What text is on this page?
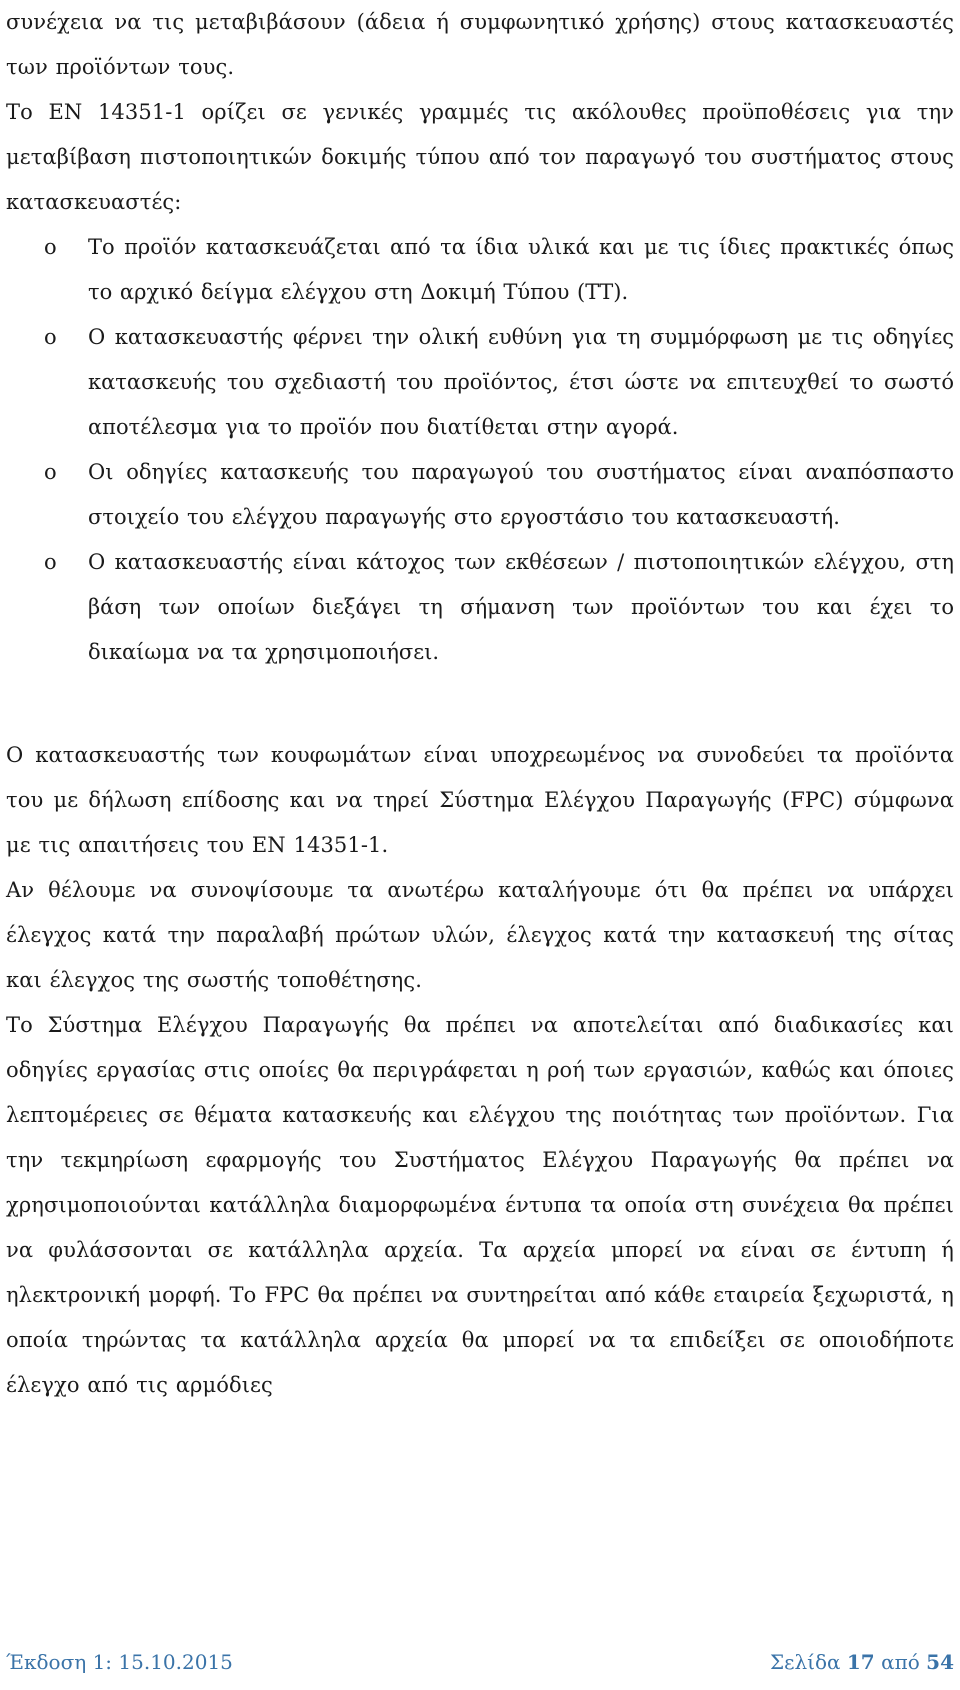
συνέχεια να τις μεταβιβάσουν (άδεια ή συμφωνητικό χρήσης) στους κατασκευαστές των προϊόντων τους.

Το EN 14351-1 ορίζει σε γενικές γραμμές τις ακόλουθες προϋποθέσεις για την μεταβίβαση πιστοποιητικών δοκιμής τύπου από τον παραγωγό του συστήματος στους κατασκευαστές:

o Το προϊόν κατασκευάζεται από τα ίδια υλικά και με τις ίδιες πρακτικές όπως το αρχικό δείγμα ελέγχου στη Δοκιμή Τύπου (ΤΤ).
o Ο κατασκευαστής φέρνει την ολική ευθύνη για τη συμμόρφωση με τις οδηγίες κατασκευής του σχεδιαστή του προϊόντος, έτσι ώστε να επιτευχθεί το σωστό αποτέλεσμα για το προϊόν που διατίθεται στην αγορά.
o Οι οδηγίες κατασκευής του παραγωγού του συστήματος είναι αναπόσπαστο στοιχείο του ελέγχου παραγωγής στο εργοστάσιο του κατασκευαστή.
o Ο κατασκευαστής είναι κάτοχος των εκθέσεων / πιστοποιητικών ελέγχου, στη βάση των οποίων διεξάγει τη σήμανση των προϊόντων του και έχει το δικαίωμα να τα χρησιμοποιήσει.

Ο κατασκευαστής των κουφωμάτων είναι υποχρεωμένος να συνοδεύει τα προϊόντα του με δήλωση επίδοσης και να τηρεί Σύστημα Ελέγχου Παραγωγής (FPC) σύμφωνα με τις απαιτήσεις του EN 14351-1.

Αν θέλουμε να συνοψίσουμε τα ανωτέρω καταλήγουμε ότι θα πρέπει να υπάρχει έλεγχος κατά την παραλαβή πρώτων υλών, έλεγχος κατά την κατασκευή της σίτας και έλεγχος της σωστής τοποθέτησης.

Το Σύστημα Ελέγχου Παραγωγής θα πρέπει να αποτελείται από διαδικασίες και οδηγίες εργασίας στις οποίες θα περιγράφεται η ροή των εργασιών, καθώς και όποιες λεπτομέρειες σε θέματα κατασκευής και ελέγχου της ποιότητας των προϊόντων. Για την τεκμηρίωση εφαρμογής του Συστήματος Ελέγχου Παραγωγής θα πρέπει να χρησιμοποιούνται κατάλληλα διαμορφωμένα έντυπα τα οποία στη συνέχεια θα πρέπει να φυλάσσονται σε κατάλληλα αρχεία. Τα αρχεία μπορεί να είναι σε έντυπη ή ηλεκτρονική μορφή. Το FPC θα πρέπει να συντηρείται από κάθε εταιρεία ξεχωριστά, η οποία τηρώντας τα κατάλληλα αρχεία θα μπορεί να τα επιδείξει σε οποιοδήποτε έλεγχο από τις αρμόδιες

Έκδοση 1: 15.10.2015	Σελίδα 17 από 54
